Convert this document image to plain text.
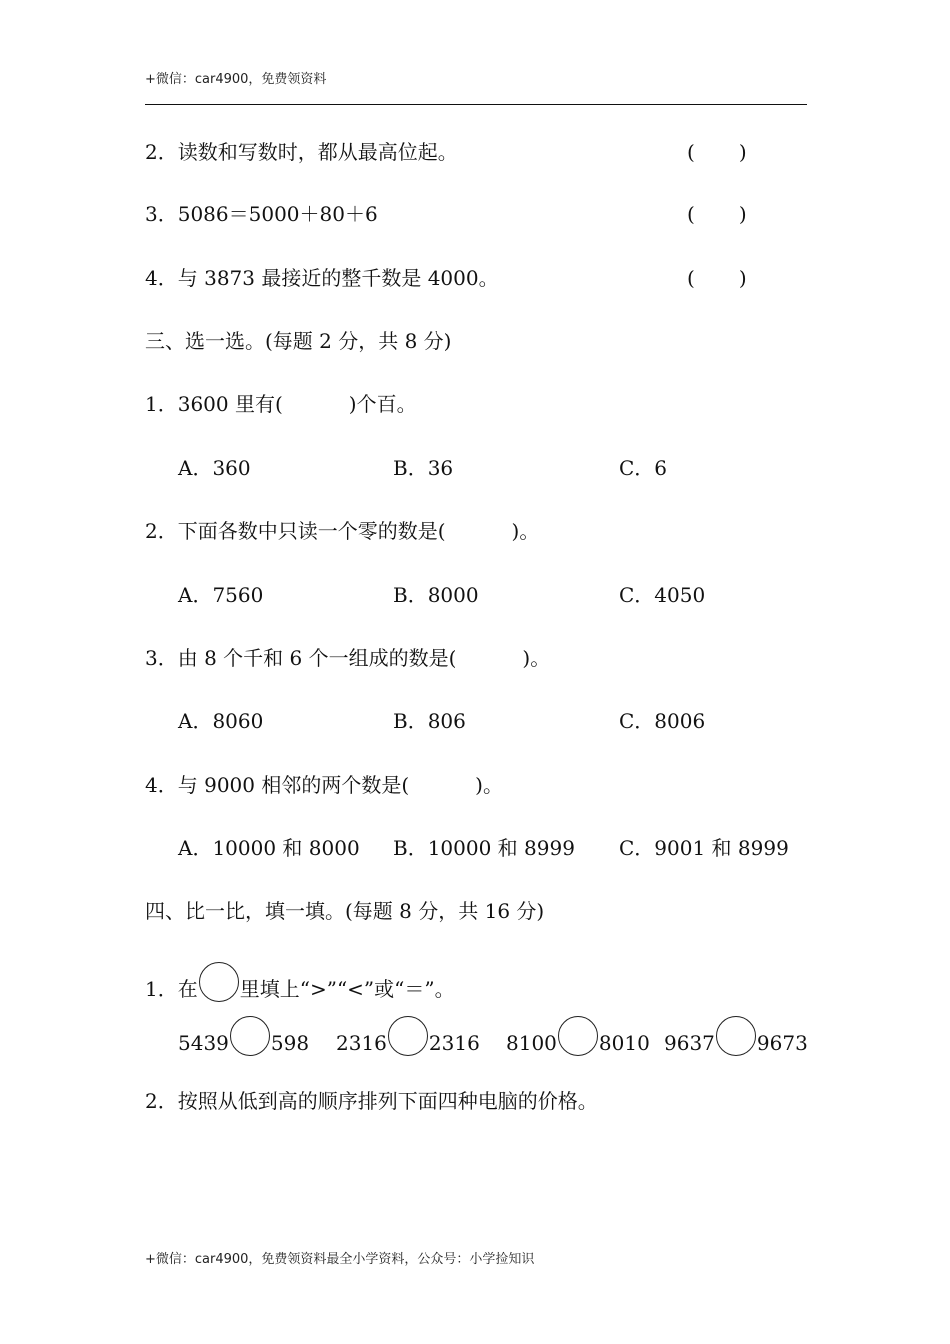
+微信：car4900，免费领资料
2．读数和写数时，都从最高位起。	( )
3．5086＝5000＋80＋6	( )
4．与 3873 最接近的整千数是 4000。	( )
三、选一选。(每题 2 分，共 8 分)
1．3600 里有(	)个百。
A．360	B．36	C．6
2．下面各数中只读一个零的数是(	)。
A．7560	B．8000	C．4050
3．由 8 个千和 6 个一组成的数是(	)。
A．8060	B．806	C．8006
4．与 9000 相邻的两个数是(	)。
A．10000 和 8000 B．10000 和 8999 C．9001 和 8999
四、比一比，填一填。(每题 8 分，共 16 分)
1．在 里填上“>”“<”或“＝”。
5439 598 2316 2316 8100 8010 9637 9673
2．按照从低到高的顺序排列下面四种电脑的价格。
+微信：car4900，免费领资料最全小学资料，公众号：小学捡知识
